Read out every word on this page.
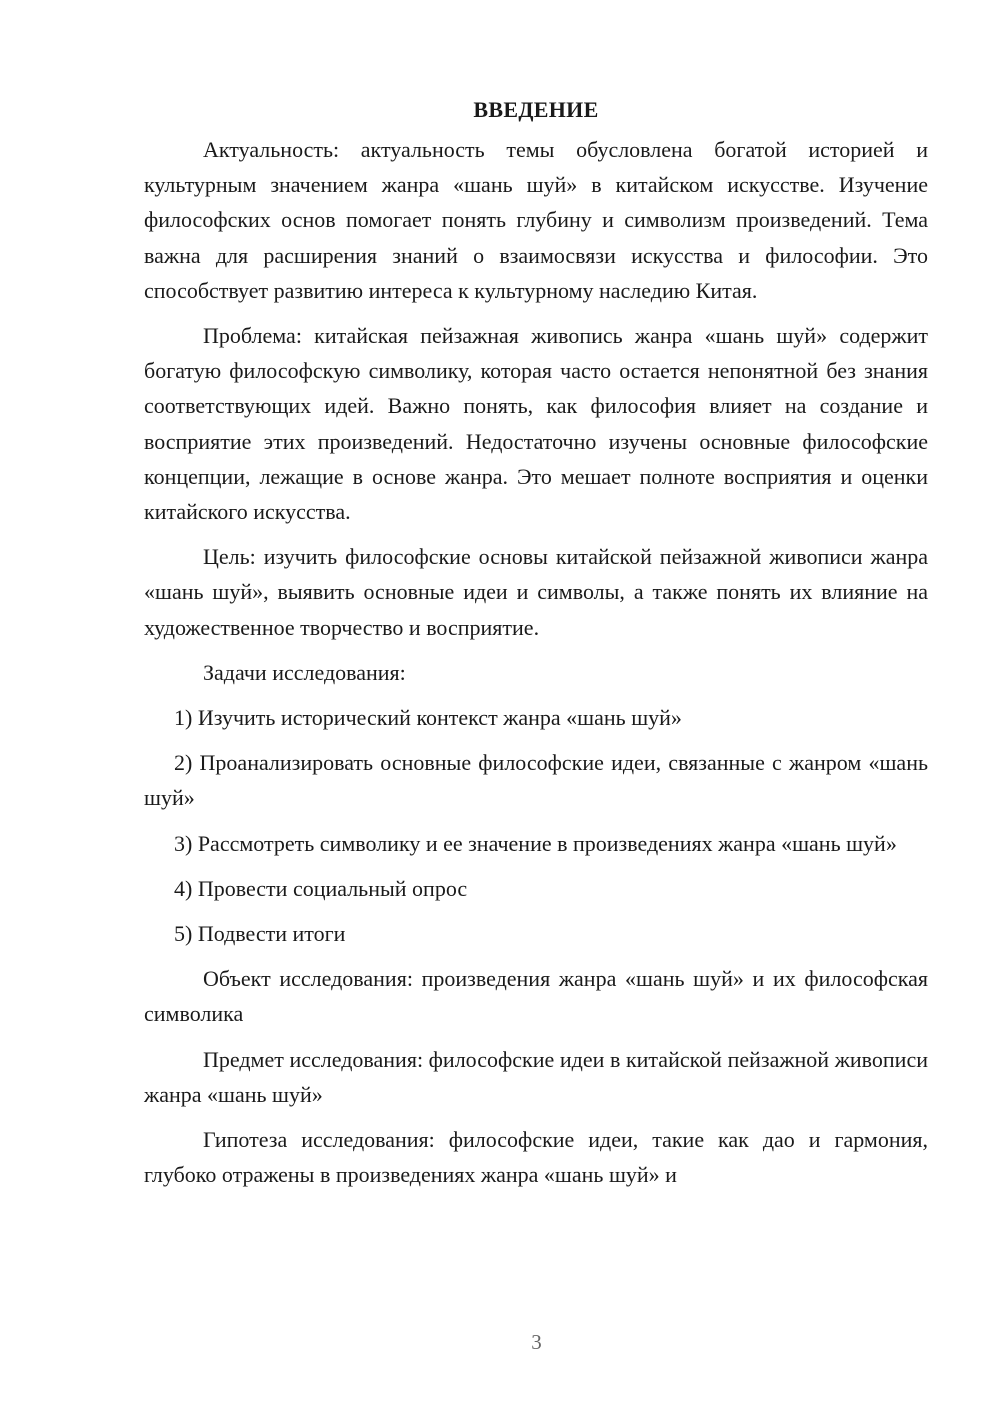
ВВЕДЕНИЕ

Актуальность: актуальность темы обусловлена богатой историей и культурным значением жанра «шань шуй» в китайском искусстве. Изучение философских основ помогает понять глубину и символизм произведений. Тема важна для расширения знаний о взаимосвязи искусства и философии. Это способствует развитию интереса к культурному наследию Китая.

Проблема: китайская пейзажная живопись жанра «шань шуй» содержит богатую философскую символику, которая часто остается непонятной без знания соответствующих идей. Важно понять, как философия влияет на создание и восприятие этих произведений. Недостаточно изучены основные философские концепции, лежащие в основе жанра. Это мешает полноте восприятия и оценки китайского искусства.

Цель: изучить философские основы китайской пейзажной живописи жанра «шань шуй», выявить основные идеи и символы, а также понять их влияние на художественное творчество и восприятие.

Задачи исследования:

1) Изучить исторический контекст жанра «шань шуй»

2) Проанализировать основные философские идеи, связанные с жанром «шань шуй»

3) Рассмотреть символику и ее значение в произведениях жанра «шань шуй»

4) Провести социальный опрос

5) Подвести итоги

Объект исследования: произведения жанра «шань шуй» и их философская символика

Предмет исследования: философские идеи в китайской пейзажной живописи жанра «шань шуй»

Гипотеза исследования: философские идеи, такие как дао и гармония, глубоко отражены в произведениях жанра «шань шуй» и

3
